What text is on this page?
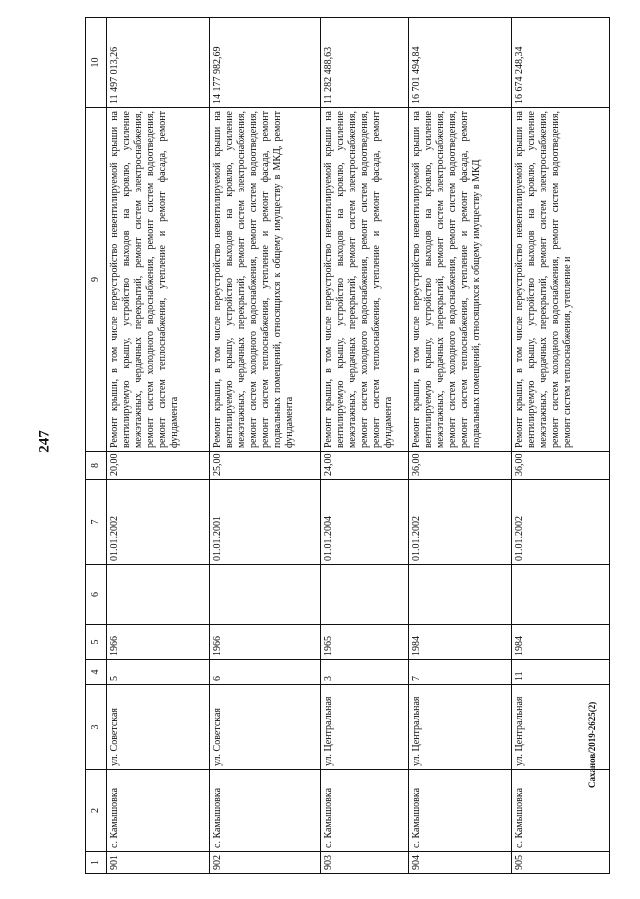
247
1	2	3	4	5	6	7	8	9	10
901	с. Камышовка	ул. Советская	5	1966		01.01.2002	20,00	Ремонт крыши, в том числе переустройство невентилируемой крыши на вентилируемую крышу, устройство выходов на кровлю, усиление межэтажных, чердачных перекрытий, ремонт систем электроснабжения, ремонт систем холодного водоснабжения, ремонт систем водоотведения, ремонт систем теплоснабжения, утепление и ремонт фасада, ремонт фундамента	11 497 013,26
902	с. Камышовка	ул. Советская	6	1966		01.01.2001	25,00	Ремонт крыши, в том числе переустройство невентилируемой крыши на вентилируемую крышу, устройство выходов на кровлю, усиление межэтажных, чердачных перекрытий, ремонт систем электроснабжения, ремонт систем холодного водоснабжения, ремонт систем водоотведения, ремонт систем теплоснабжения, утепление и ремонт фасада, ремонт подвальных помещений, относящихся к общему имуществу в МКД, ремонт фундамента	14 177 982,69
903	с. Камышовка	ул. Центральная	3	1965		01.01.2004	24,00	Ремонт крыши, в том числе переустройство невентилируемой крыши на вентилируемую крышу, устройство выходов на кровлю, усиление межэтажных, чердачных перекрытий, ремонт систем электроснабжения, ремонт систем холодного водоснабжения, ремонт систем водоотведения, ремонт систем теплоснабжения, утепление и ремонт фасада, ремонт фундамента	11 282 488,63
904	с. Камышовка	ул. Центральная	7	1984		01.01.2002	36,00	Ремонт крыши, в том числе переустройство невентилируемой крыши на вентилируемую крышу, устройство выходов на кровлю, усиление межэтажных, чердачных перекрытий, ремонт систем электроснабжения, ремонт систем холодного водоснабжения, ремонт систем водоотведения, ремонт систем теплоснабжения, утепление и ремонт фасада, ремонт подвальных помещений, относящихся к общему имуществу в МКД	16 701 494,84
905	с. Камышовка	ул. Центральная	11	1984		01.01.2002	36,00	Ремонт крыши, в том числе переустройство невентилируемой крыши на вентилируемую крышу, устройство выходов на кровлю, усиление межэтажных, чердачных перекрытий, ремонт систем электроснабжения, ремонт систем холодного водоснабжения, ремонт систем водоотведения, ремонт систем теплоснабжения, утепление и	16 674 248,34
Саханов/2019-2625(2)
